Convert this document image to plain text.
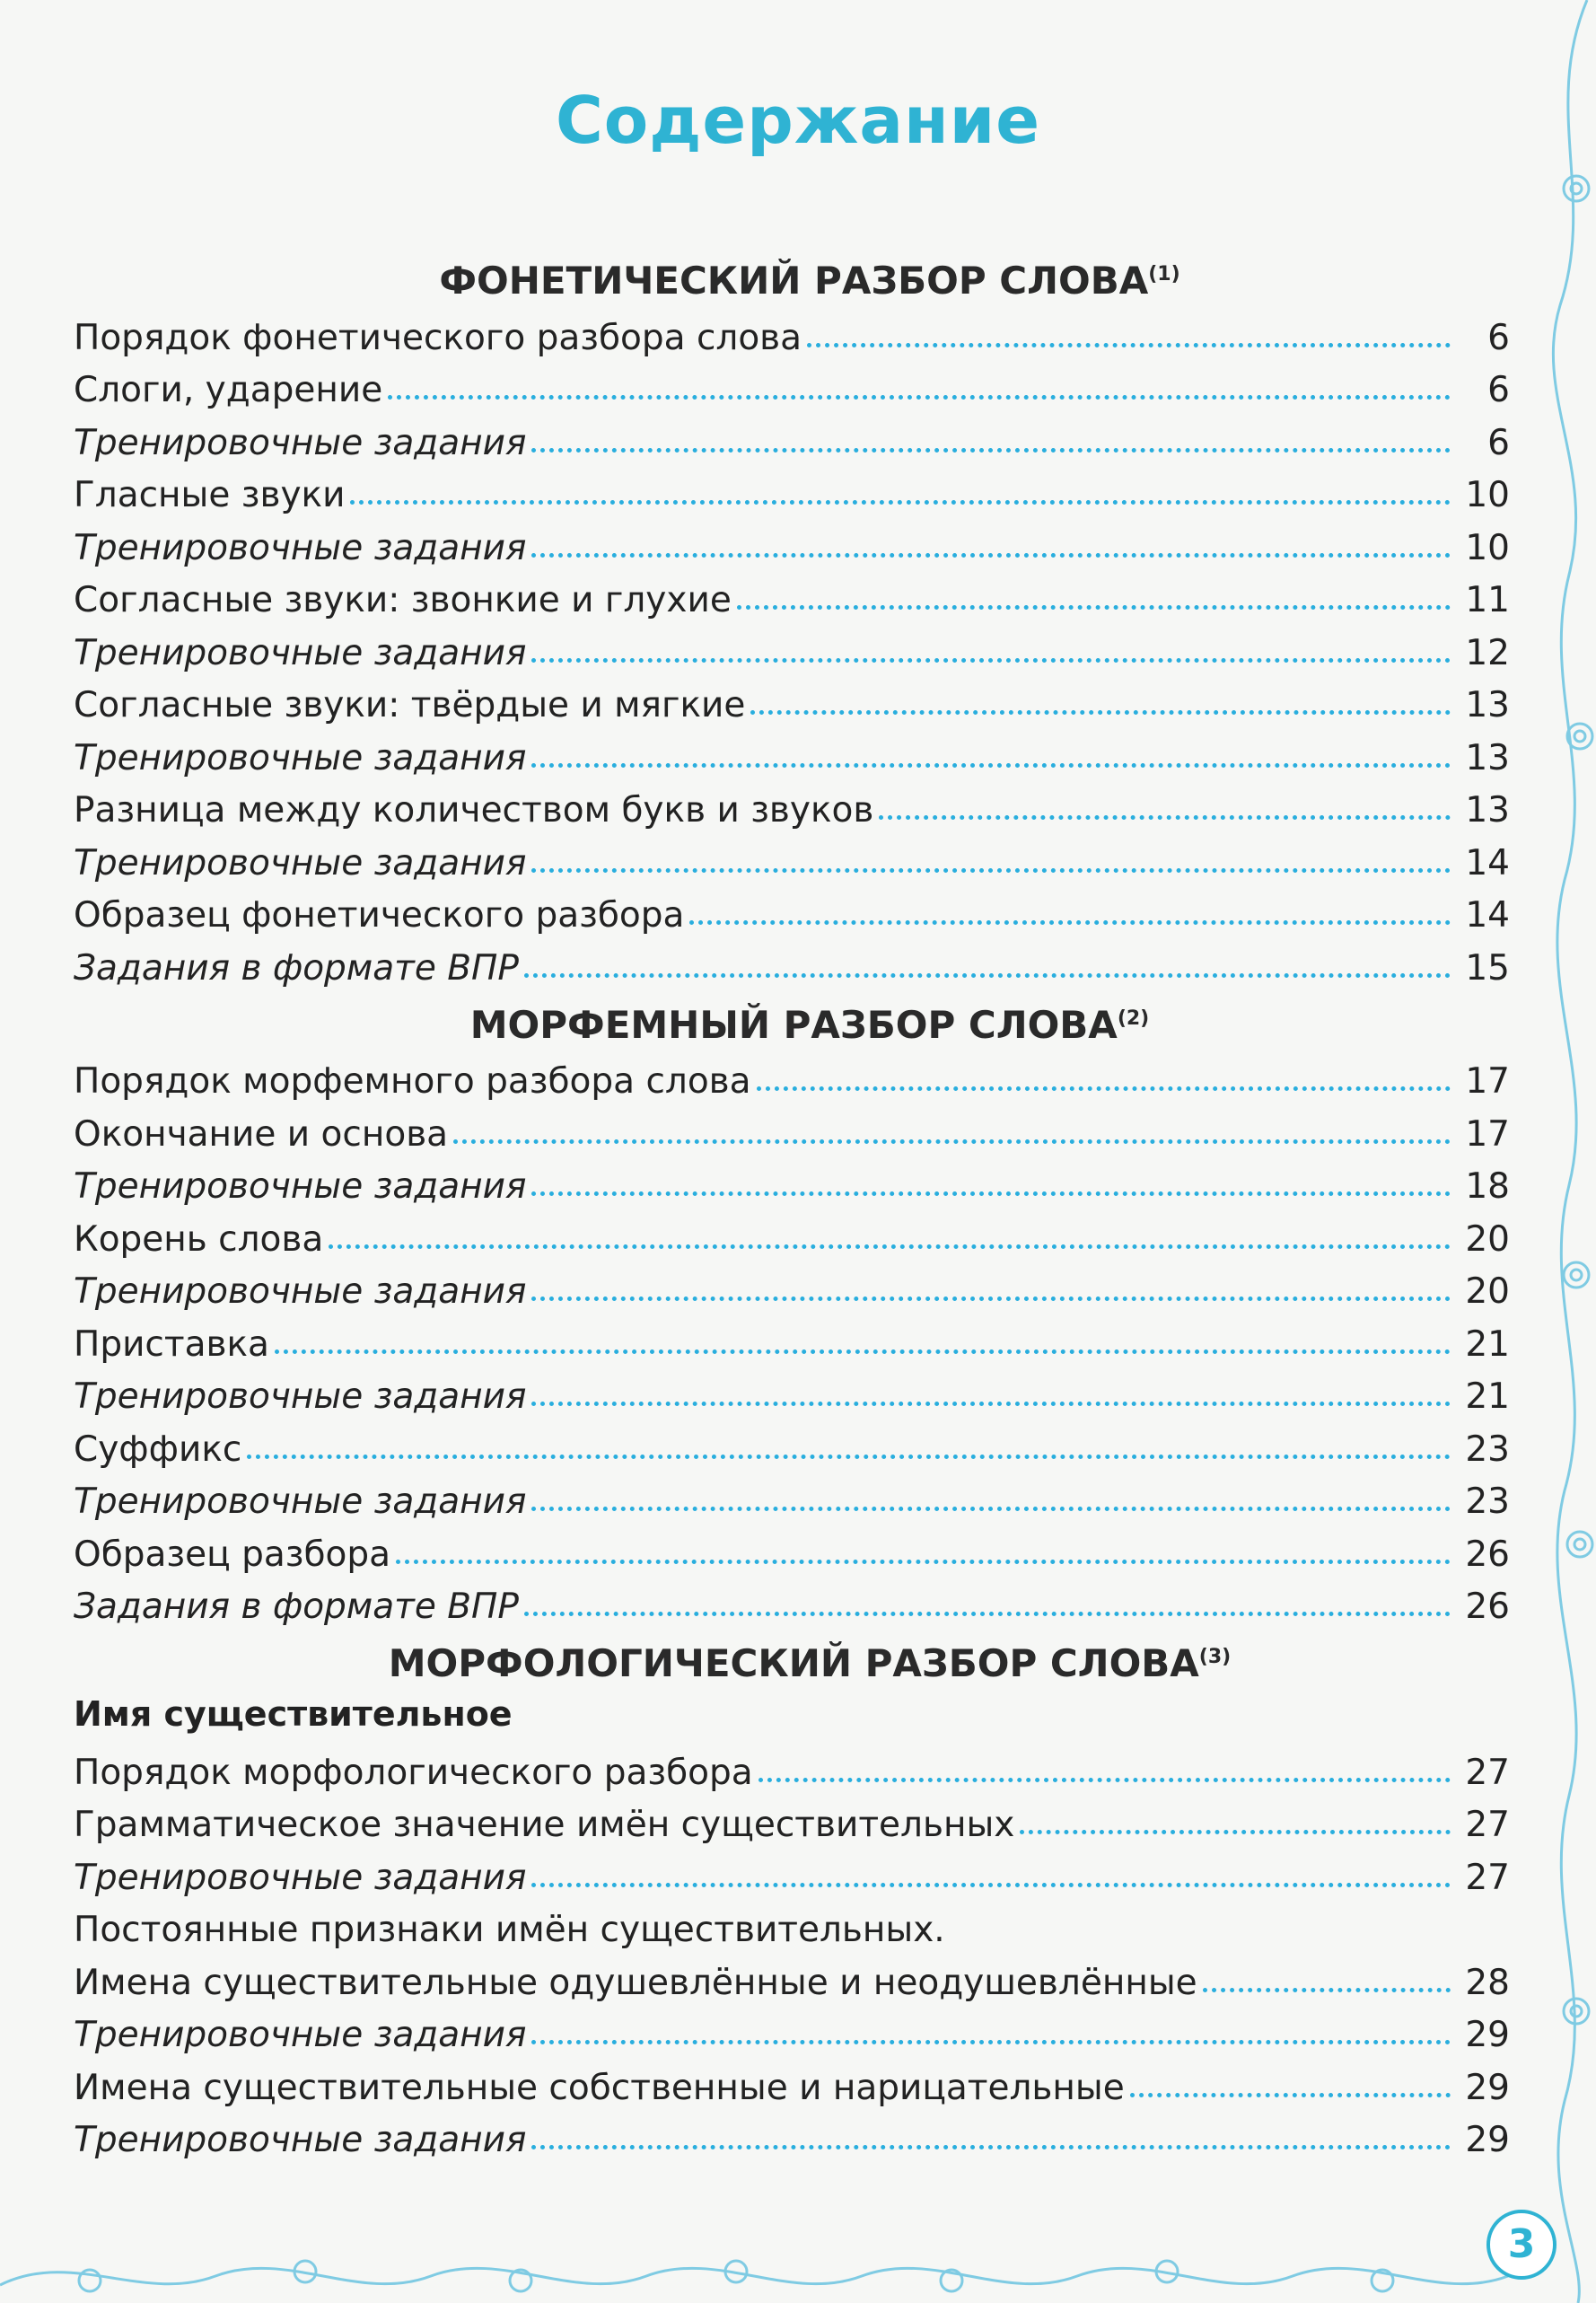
Содержание
ФОНЕТИЧЕСКИЙ РАЗБОР СЛОВА$^{(1)}$
Порядок фонетического разбора слова	6
Слоги, ударение	6
Тренировочные задания	6
Гласные звуки	10
Тренировочные задания	10
Согласные звуки: звонкие и глухие	11
Тренировочные задания	12
Согласные звуки: твёрдые и мягкие	13
Тренировочные задания	13
Разница между количеством букв и звуков	13
Тренировочные задания	14
Образец фонетического разбора	14
Задания в формате ВПР	15
МОРФЕМНЫЙ РАЗБОР СЛОВА$^{(2)}$
Порядок морфемного разбора слова	17
Окончание и основа	17
Тренировочные задания	18
Корень слова	20
Тренировочные задания	20
Приставка	21
Тренировочные задания	21
Суффикс	23
Тренировочные задания	23
Образец разбора	26
Задания в формате ВПР	26
МОРФОЛОГИЧЕСКИЙ РАЗБОР СЛОВА$^{(3)}$
Имя существительное
Порядок морфологического разбора	27
Грамматическое значение имён существительных	27
Тренировочные задания	27
Постоянные признаки имён существительных.
Имена существительные одушевлённые и неодушевлённые	28
Тренировочные задания	29
Имена существительные собственные и нарицательные	29
Тренировочные задания	29
3
